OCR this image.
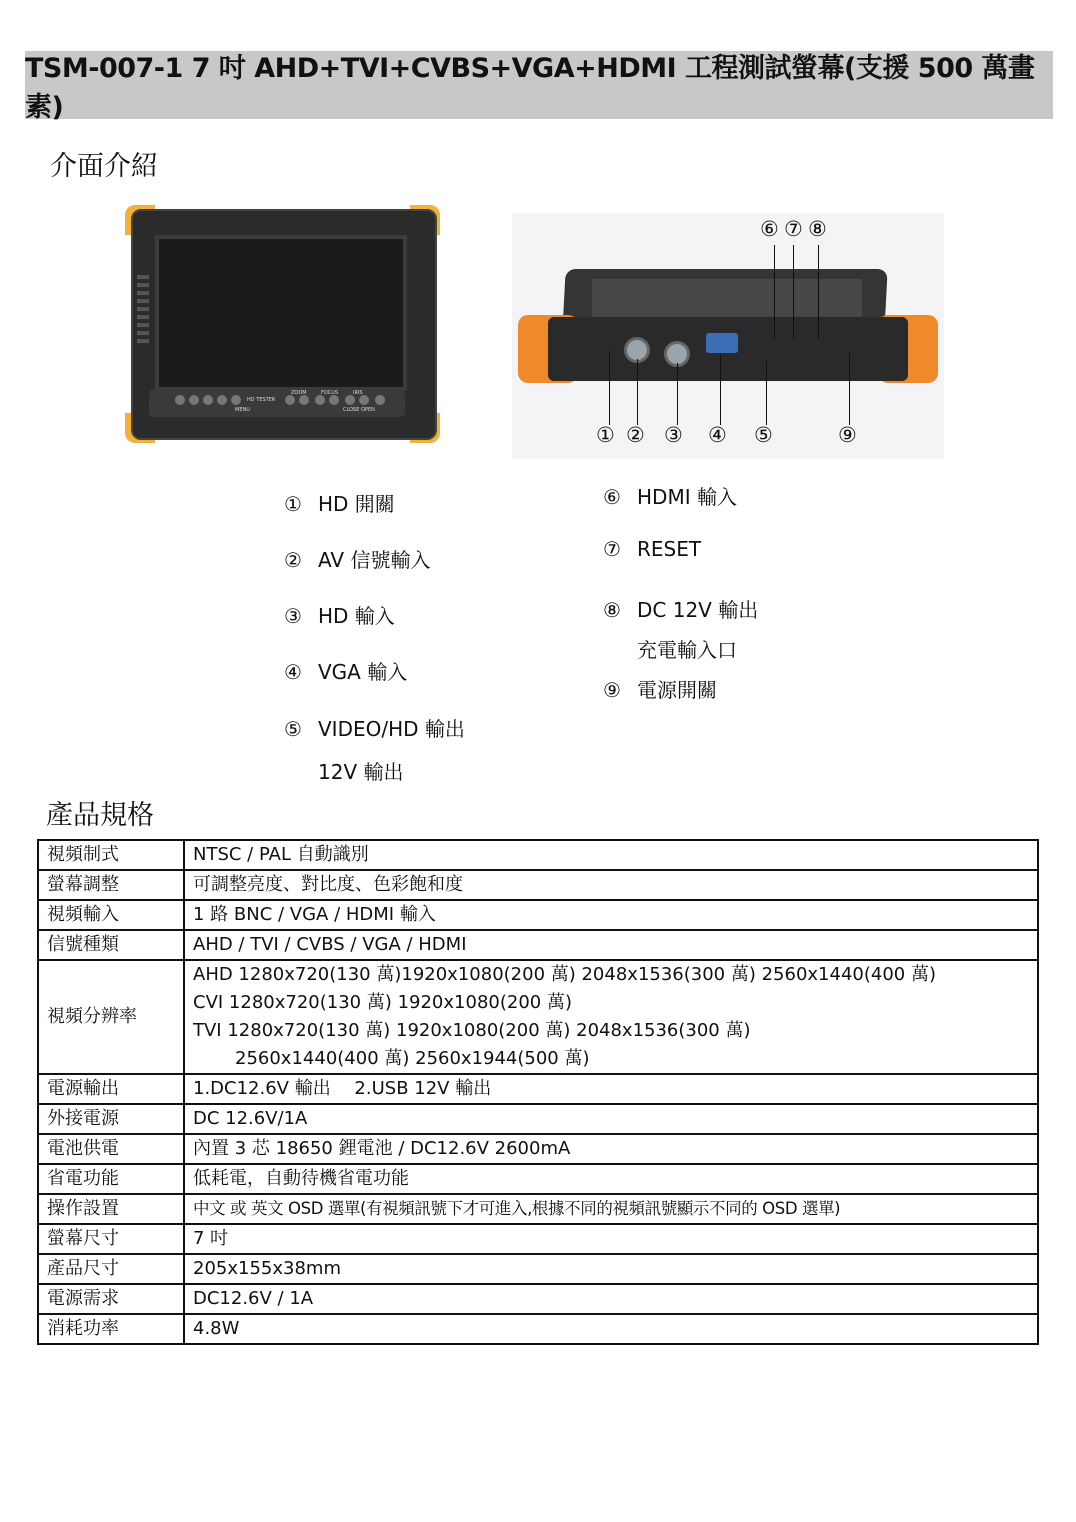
TSM-007-1 7 吋 AHD+TVI+CVBS+VGA+HDMI 工程測試螢幕(支援 500 萬畫素)
介面介紹
HD TESTER
ZOOM	FOCUS	IRIS
MENU	CLOSE OPEN
⑥ ⑦ ⑧
① ② ③ ④ ⑤	⑨
① HD 開關
② AV 信號輸入
③ HD 輸入
④ VGA 輸入
⑤ VIDEO/HD 輸出
12V 輸出
⑥ HDMI 輸入
⑦ RESET
⑧ DC 12V 輸出
充電輸入口
⑨ 電源開關
產品規格
視頻制式	NTSC / PAL 自動識別
螢幕調整	可調整亮度、對比度、色彩飽和度
視頻輸入	1 路 BNC / VGA / HDMI 輸入
信號種類	AHD / TVI / CVBS / VGA / HDMI
視頻分辨率	AHD 1280x720(130 萬)1920x1080(200 萬) 2048x1536(300 萬) 2560x1440(400 萬)
CVI 1280x720(130 萬) 1920x1080(200 萬)
TVI 1280x720(130 萬) 1920x1080(200 萬) 2048x1536(300 萬)
2560x1440(400 萬) 2560x1944(500 萬)

電源輸出	1.DC12.6V 輸出　 2.USB 12V 輸出
外接電源	DC 12.6V/1A
電池供電	內置 3 芯 18650 鋰電池 / DC12.6V 2600mA
省電功能	低耗電，自動待機省電功能
操作設置	中文 或 英文 OSD 選單(有視頻訊號下才可進入,根據不同的視頻訊號顯示不同的 OSD 選單)
螢幕尺寸	7 吋
產品尺寸	205x155x38mm
電源需求	DC12.6V / 1A
消耗功率	4.8W
